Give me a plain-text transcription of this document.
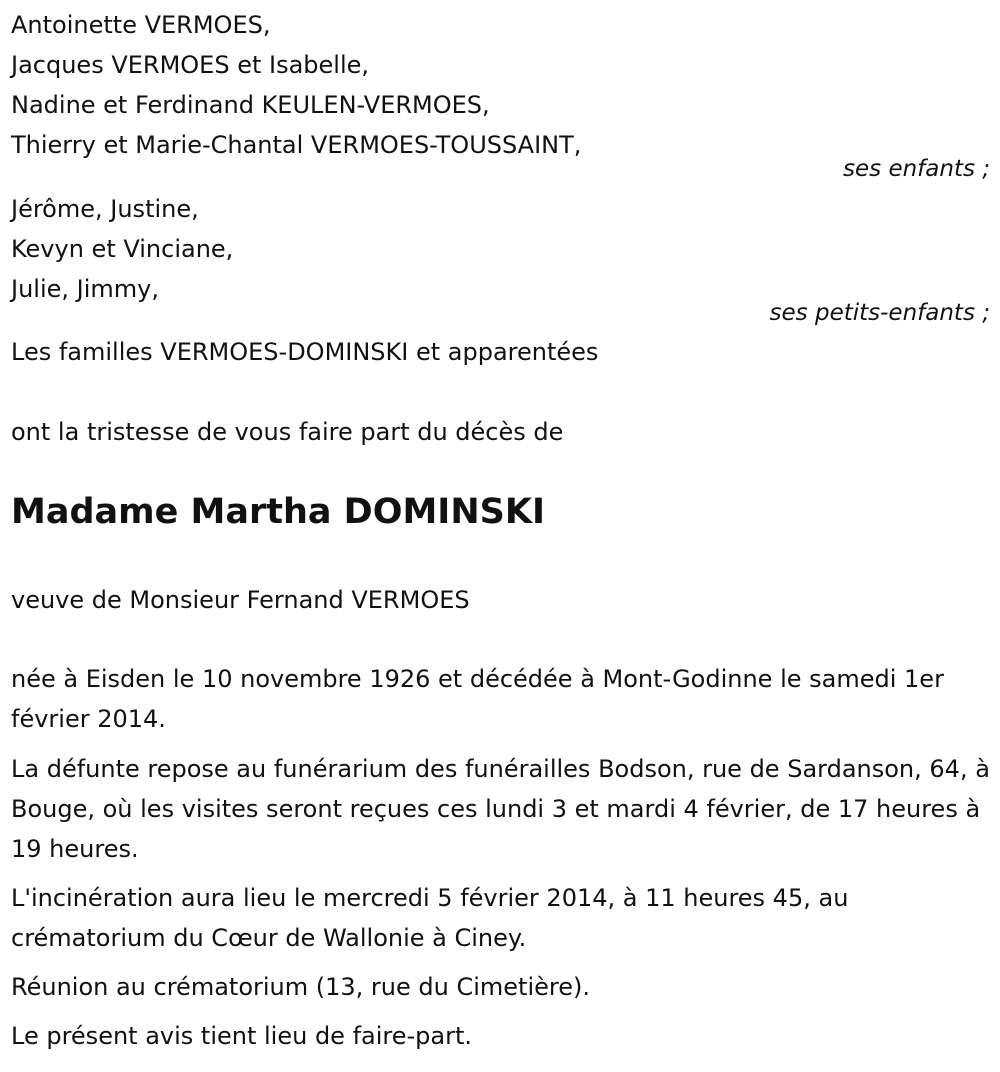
Antoinette VERMOES,
Jacques VERMOES et Isabelle,
Nadine et Ferdinand KEULEN-VERMOES,
Thierry et Marie-Chantal VERMOES-TOUSSAINT,
ses enfants ;
Jérôme, Justine,
Kevyn et Vinciane,
Julie, Jimmy,
ses petits-enfants ;
Les familles VERMOES-DOMINSKI et apparentées
ont la tristesse de vous faire part du décès de
Madame Martha DOMINSKI
veuve de Monsieur Fernand VERMOES
née à Eisden le 10 novembre 1926 et décédée à Mont-Godinne le samedi 1er février 2014.
La défunte repose au funérarium des funérailles Bodson, rue de Sardanson, 64, à Bouge, où les visites seront reçues ces lundi 3 et mardi 4 février, de 17 heures à 19 heures.
L'incinération aura lieu le mercredi 5 février 2014, à 11 heures 45, au crématorium du Cœur de Wallonie à Ciney.
Réunion au crématorium (13, rue du Cimetière).
Le présent avis tient lieu de faire-part.
